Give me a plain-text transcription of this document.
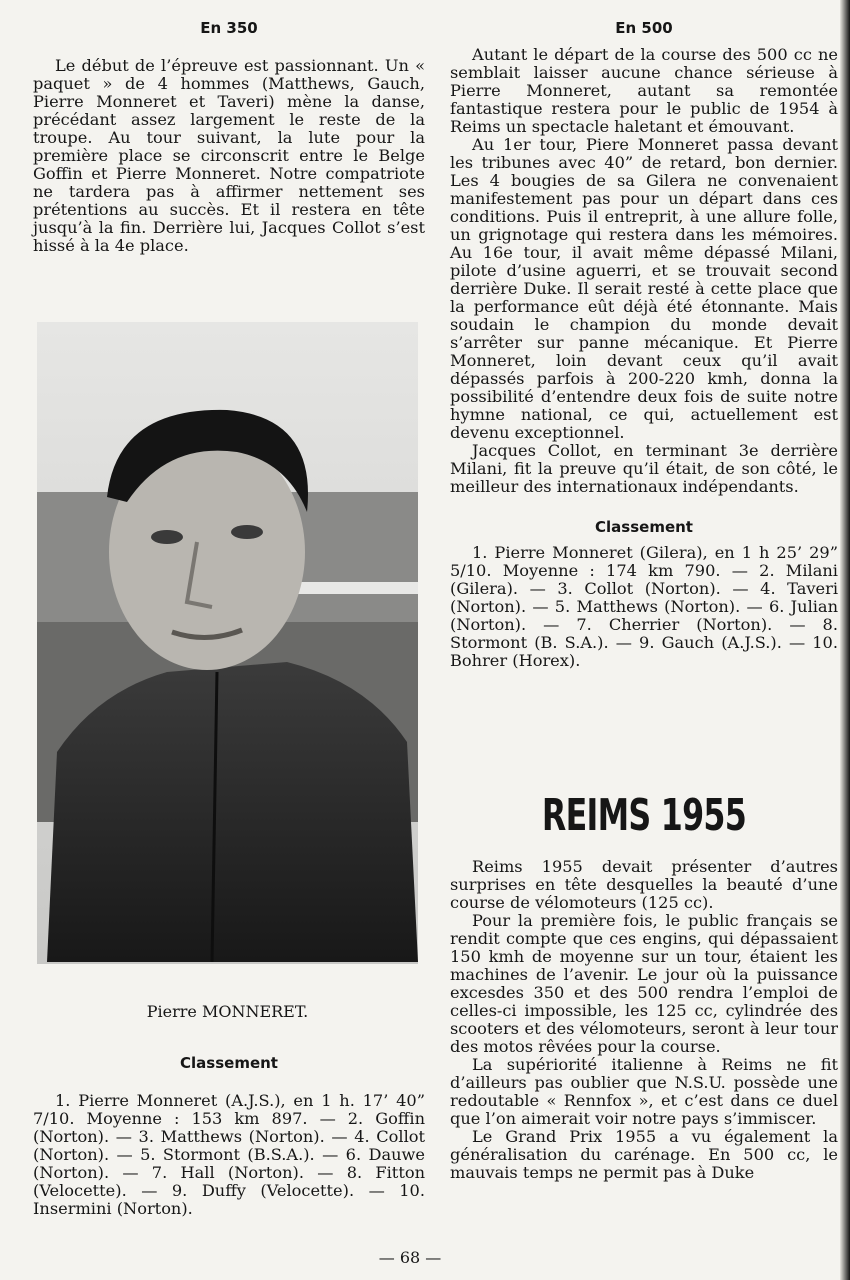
En 350

Le début de l’épreuve est passionnant. Un « paquet » de 4 hommes (Matthews, Gauch, Pierre Monneret et Taveri) mène la danse, précédant assez largement le reste de la troupe. Au tour suivant, la lute pour la première place se circonscrit entre le Belge Goffin et Pierre Monneret. Notre compatriote ne tardera pas à affirmer nettement ses prétentions au succès. Et il restera en tête jusqu’à la fin. Derrière lui, Jacques Collot s’est hissé à la 4e place.

Pierre MONNERET.
Classement

1. Pierre Monneret (A.J.S.), en 1 h. 17’ 40” 7/10. Moyenne : 153 km 897. — 2. Goffin (Norton). — 3. Matthews (Norton). — 4. Collot (Norton). — 5. Stormont (B.S.A.). — 6. Dauwe (Norton). — 7. Hall (Norton). — 8. Fitton (Velocette). — 9. Duffy (Velocette). — 10. Insermini (Norton).

En 500

Autant le départ de la course des 500 cc ne semblait laisser aucune chance sérieuse à Pierre Monneret, autant sa remontée fantastique restera pour le public de 1954 à Reims un spectacle haletant et émouvant.

Au 1er tour, Piere Monneret passa devant les tribunes avec 40” de retard, bon dernier. Les 4 bougies de sa Gilera ne convenaient manifestement pas pour un départ dans ces conditions. Puis il entreprit, à une allure folle, un grignotage qui restera dans les mémoires. Au 16e tour, il avait même dépassé Milani, pilote d’usine aguerri, et se trouvait second derrière Duke. Il serait resté à cette place que la performance eût déjà été étonnante. Mais soudain le champion du monde devait s’arrêter sur panne mécanique. Et Pierre Monneret, loin devant ceux qu’il avait dépassés parfois à 200-220 kmh, donna la possibilité d’entendre deux fois de suite notre hymne national, ce qui, actuellement est devenu exceptionnel.

Jacques Collot, en terminant 3e derrière Milani, fit la preuve qu’il était, de son côté, le meilleur des internationaux indépendants.

Classement

1. Pierre Monneret (Gilera), en 1 h 25’ 29” 5/10. Moyenne : 174 km 790. — 2. Milani (Gilera). — 3. Collot (Norton). — 4. Taveri (Norton). — 5. Matthews (Norton). — 6. Julian (Norton). — 7. Cherrier (Norton). — 8. Stormont (B. S.A.). — 9. Gauch (A.J.S.). — 10. Bohrer (Horex).

REIMS 1955

Reims 1955 devait présenter d’autres surprises en tête desquelles la beauté d’une course de vélomoteurs (125 cc).

Pour la première fois, le public français se rendit compte que ces engins, qui dépassaient 150 kmh de moyenne sur un tour, étaient les machines de l’avenir. Le jour où la puissance excesdes 350 et des 500 rendra l’emploi de celles-ci impossible, les 125 cc, cylindrée des scooters et des vélomoteurs, seront à leur tour des motos rêvées pour la course.

La supériorité italienne à Reims ne fit d’ailleurs pas oublier que N.S.U. possède une redoutable « Rennfox », et c’est dans ce duel que l’on aimerait voir notre pays s’immiscer.

Le Grand Prix 1955 a vu également la généralisation du carénage. En 500 cc, le mauvais temps ne permit pas à Duke

— 68 —
